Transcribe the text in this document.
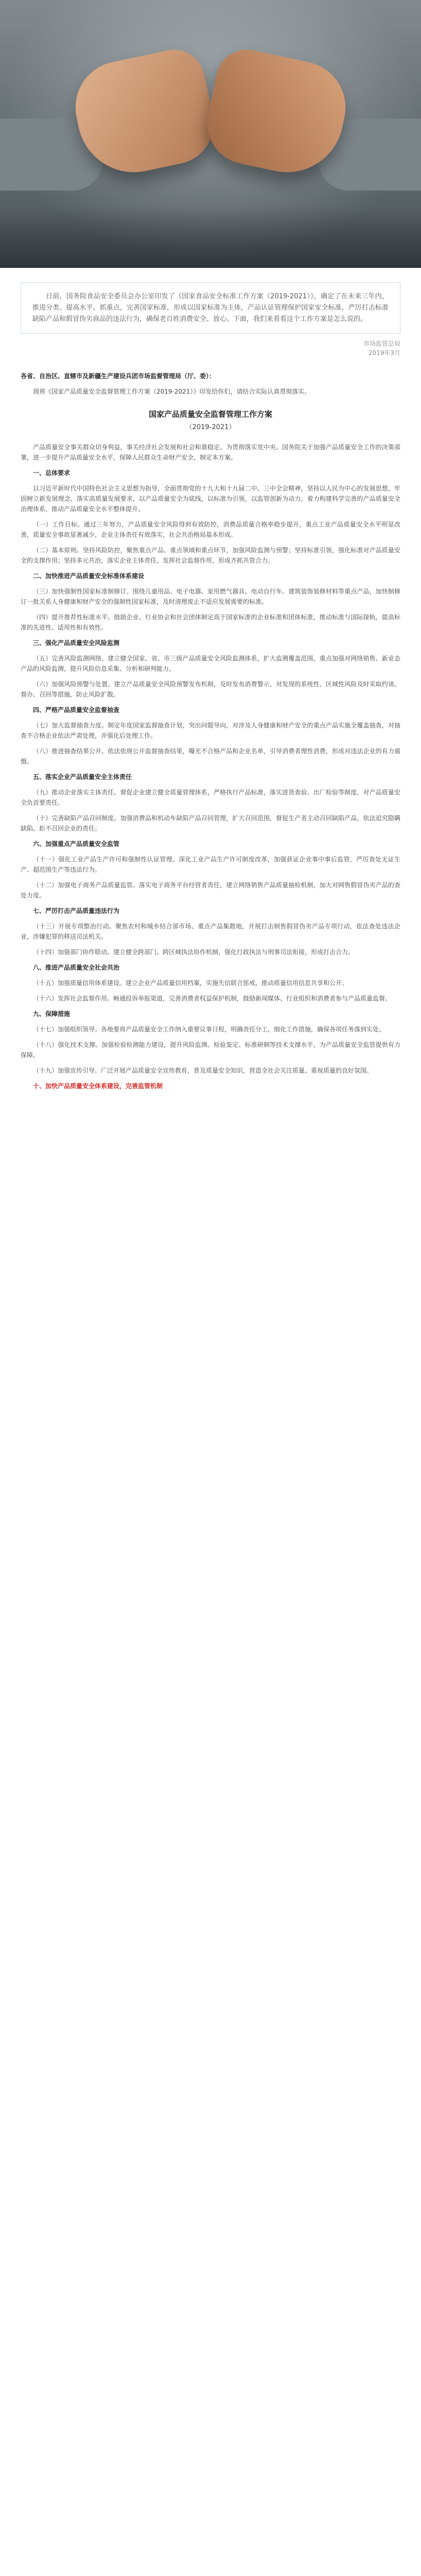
日前，国务院食品安全委员会办公室印发了《国家食品安全标准工作方案（2019-2021）》，确定了在未来三年内，推进分类、提高水平、抓重点，完善国家标准，形成以国家标准为主体，产品认证管理保护国家安全标准，严厉打击标准缺陷产品和假冒伪劣商品的违法行为，确保老百姓消费安全、放心。下面，我们来看看这个工作方案是怎么说的。

市场监管总局
2019年3月

各省、自治区、直辖市及新疆生产建设兵团市场监督管理局（厅、委）：

现将《国家产品质量安全监督管理工作方案（2019-2021）》印发给你们，请结合实际认真贯彻落实。

国家产品质量安全监督管理工作方案
（2019-2021）

产品质量安全事关群众切身利益，事关经济社会发展和社会和谐稳定。为贯彻落实党中央、国务院关于加强产品质量安全工作的决策部署，进一步提升产品质量安全水平，保障人民群众生命财产安全，制定本方案。

一、总体要求

以习近平新时代中国特色社会主义思想为指导，全面贯彻党的十九大和十九届二中、三中全会精神，坚持以人民为中心的发展思想，牢固树立新发展理念，落实高质量发展要求，以产品质量安全为底线，以标准为引领，以监管创新为动力，着力构建科学完善的产品质量安全治理体系，推动产品质量安全水平整体提升。

（一）工作目标。通过三年努力，产品质量安全风险得到有效防控，消费品质量合格率稳步提升，重点工业产品质量安全水平明显改善，质量安全事故显著减少，企业主体责任有效落实，社会共治格局基本形成。

（二）基本原则。坚持风险防控，聚焦重点产品、重点领域和重点环节，加强风险监测与预警；坚持标准引领，强化标准对产品质量安全的支撑作用；坚持多元共治，落实企业主体责任，发挥社会监督作用，形成齐抓共管合力。

二、加快推进产品质量安全标准体系建设

（三）加快强制性国家标准制修订。围绕儿童用品、电子电器、家用燃气器具、电动自行车、建筑装饰装修材料等重点产品，加快制修订一批关系人身健康和财产安全的强制性国家标准，及时清理废止不适应发展需要的标准。

（四）提升推荐性标准水平。鼓励企业、行业协会和社会团体制定高于国家标准的企业标准和团体标准，推动标准与国际接轨，提高标准的先进性、适用性和有效性。

三、强化产品质量安全风险监测

（五）完善风险监测网络。建立健全国家、省、市三级产品质量安全风险监测体系，扩大监测覆盖范围，重点加强对网络销售、新业态产品的风险监测，提升风险信息采集、分析和研判能力。

（六）加强风险预警与处置。建立产品质量安全风险预警发布机制，及时发布消费警示，对发现的系统性、区域性风险及时采取约谈、督办、召回等措施，防止风险扩散。

四、严格产品质量安全监督抽查

（七）加大监督抽查力度。制定年度国家监督抽查计划，突出问题导向，对涉及人身健康和财产安全的重点产品实施全覆盖抽查，对抽查不合格企业依法严肃处理，并强化后处理工作。

（八）推进抽查结果公开。依法依规公开监督抽查结果，曝光不合格产品和企业名单，引导消费者理性消费，形成对违法企业的有力震慑。

五、落实企业产品质量安全主体责任

（九）推动企业落实主体责任。督促企业建立健全质量管理体系，严格执行产品标准，落实进货查验、出厂检验等制度，对产品质量安全负首要责任。

（十）完善缺陷产品召回制度。加强消费品和机动车缺陷产品召回管理，扩大召回范围，督促生产者主动召回缺陷产品，依法追究隐瞒缺陷、拒不召回企业的责任。

六、加强重点产品质量安全监管

（十一）强化工业产品生产许可和强制性认证管理。深化工业产品生产许可制度改革，加强获证企业事中事后监管，严厉查处无证生产、超范围生产等违法行为。

（十二）加强电子商务产品质量监管。落实电子商务平台经营者责任，建立网络销售产品质量抽检机制，加大对网售假冒伪劣产品的查处力度。

七、严厉打击产品质量违法行为

（十三）开展专项整治行动。聚焦农村和城乡结合部市场、重点产品集散地，开展打击制售假冒伪劣产品专项行动，依法查处违法企业，涉嫌犯罪的移送司法机关。

（十四）加强部门协作联动。建立健全跨部门、跨区域执法协作机制，强化行政执法与刑事司法衔接，形成打击合力。

八、推进产品质量安全社会共治

（十五）加强质量信用体系建设。建立企业产品质量信用档案，实施失信联合惩戒，推动质量信用信息共享和公开。

（十六）发挥社会监督作用。畅通投诉举报渠道，完善消费者权益保护机制，鼓励新闻媒体、行业组织和消费者参与产品质量监督。

九、保障措施

（十七）加强组织领导。各地要将产品质量安全工作纳入重要议事日程，明确责任分工，细化工作措施，确保各项任务落到实处。

（十八）强化技术支撑。加强检验检测能力建设，提升风险监测、检验鉴定、标准研制等技术支撑水平，为产品质量安全监管提供有力保障。

（十九）加强宣传引导。广泛开展产品质量安全宣传教育，普及质量安全知识，营造全社会关注质量、重视质量的良好氛围。

十、加快产品质量安全体系建设，完善监管机制
